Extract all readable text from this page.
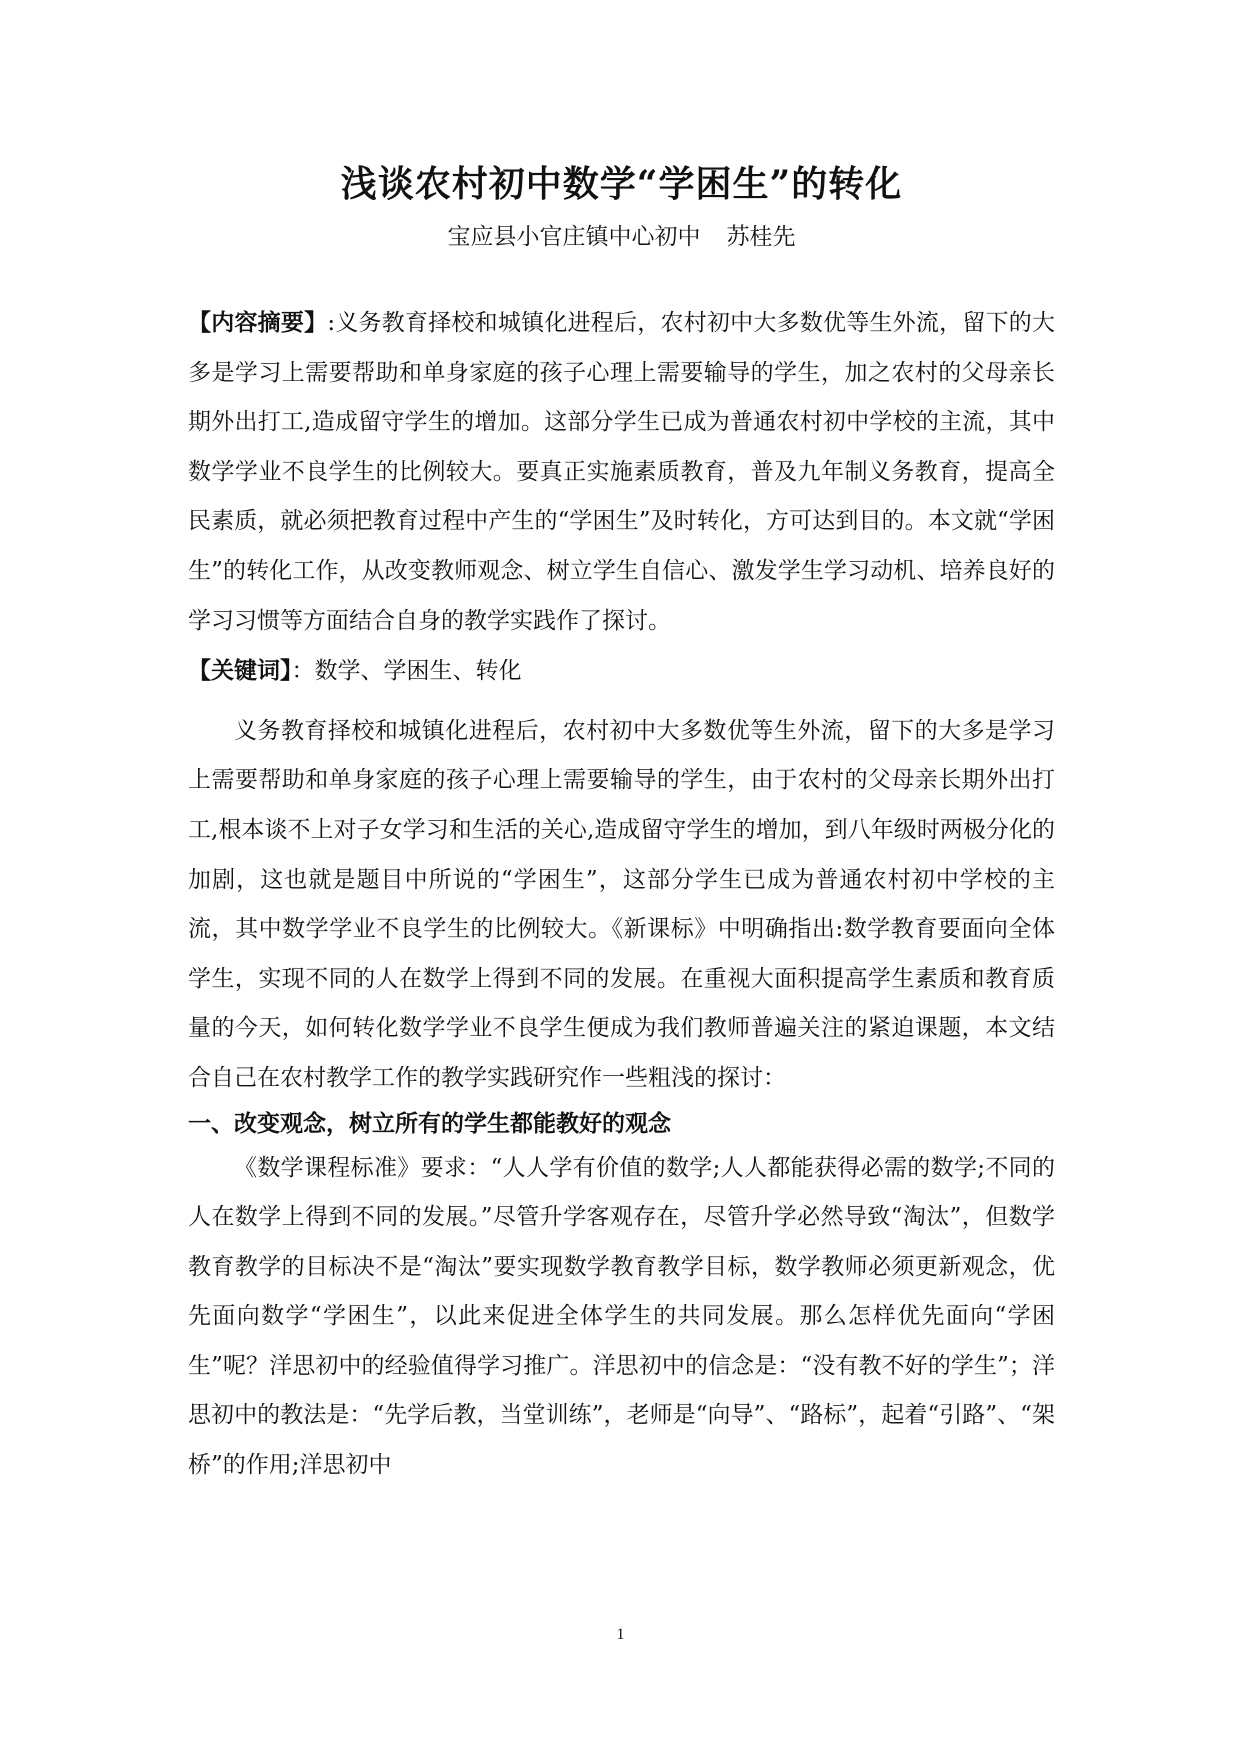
浅谈农村初中数学“学困生”的转化
宝应县小官庄镇中心初中 苏桂先
【内容摘要】:义务教育择校和城镇化进程后，农村初中大多数优等生外流，留下的大多是学习上需要帮助和单身家庭的孩子心理上需要输导的学生，加之农村的父母亲长期外出打工,造成留守学生的增加。这部分学生已成为普通农村初中学校的主流，其中数学学业不良学生的比例较大。要真正实施素质教育，普及九年制义务教育，提高全民素质，就必须把教育过程中产生的“学困生”及时转化，方可达到目的。本文就“学困生”的转化工作，从改变教师观念、树立学生自信心、激发学生学习动机、培养良好的学习习惯等方面结合自身的教学实践作了探讨。
【关键词】：数学、学困生、转化

义务教育择校和城镇化进程后，农村初中大多数优等生外流，留下的大多是学习上需要帮助和单身家庭的孩子心理上需要输导的学生，由于农村的父母亲长期外出打工,根本谈不上对子女学习和生活的关心,造成留守学生的增加，到八年级时两极分化的加剧，这也就是题目中所说的“学困生”，这部分学生已成为普通农村初中学校的主流，其中数学学业不良学生的比例较大。《新课标》中明确指出:数学教育要面向全体学生，实现不同的人在数学上得到不同的发展。在重视大面积提高学生素质和教育质量的今天，如何转化数学学业不良学生便成为我们教师普遍关注的紧迫课题，本文结合自己在农村教学工作的教学实践研究作一些粗浅的探讨：

一、改变观念，树立所有的学生都能教好的观念

《数学课程标准》要求：“人人学有价值的数学;人人都能获得必需的数学;不同的人在数学上得到不同的发展。”尽管升学客观存在，尽管升学必然导致“淘汰”，但数学教育教学的目标决不是“淘汰”要实现数学教育教学目标，数学教师必须更新观念，优先面向数学“学困生”，以此来促进全体学生的共同发展。那么怎样优先面向“学困生”呢？洋思初中的经验值得学习推广。洋思初中的信念是：“没有教不好的学生”；洋思初中的教法是：“先学后教，当堂训练”，老师是“向导”、“路标”，起着“引路”、“架桥”的作用;洋思初中

1
